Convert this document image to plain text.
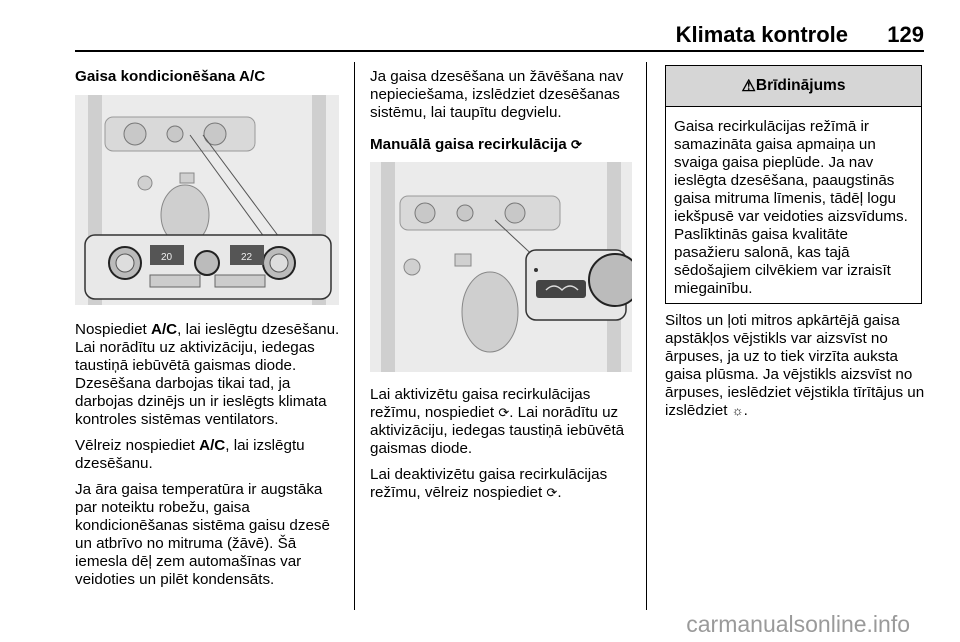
Klimata kontrole 129
Gaisa kondicionēšana A/C
20	22

Nospiediet A/C, lai ieslēgtu dzesēšanu. Lai norādītu uz aktivizāciju, iedegas taustiņā iebūvētā gaismas diode. Dzesēšana darbojas tikai tad, ja darbojas dzinējs un ir ieslēgts klimata kontroles sistēmas ventilators.

Vēlreiz nospiediet A/C, lai izslēgtu dzesēšanu.

Ja āra gaisa temperatūra ir augstāka par noteiktu robežu, gaisa kondicionēšanas sistēma gaisu dzesē un atbrīvo no mitruma (žāvē). Šā iemesla dēļ zem automašīnas var veidoties un pilēt kondensāts.

Ja gaisa dzesēšana un žāvēšana nav nepieciešama, izslēdziet dzesēšanas sistēmu, lai taupītu degvielu.

Manuālā gaisa recirkulācija ⟳

Lai aktivizētu gaisa recirkulācijas režīmu, nospiediet ⟳. Lai norādītu uz aktivizāciju, iedegas taustiņā iebūvētā gaismas diode.

Lai deaktivizētu gaisa recirkulācijas režīmu, vēlreiz nospiediet ⟳.

⚠ Brīdinājums
Gaisa recirkulācijas režīmā ir samazināta gaisa apmaiņa un svaiga gaisa pieplūde. Ja nav ieslēgta dzesēšana, paaugstinās gaisa mitruma līmenis, tādēļ logu iekšpusē var veidoties aizsvīdums. Paslīktinās gaisa kvalitāte pasažieru salonā, kas tajā sēdošajiem cilvēkiem var izraisīt miegainību.

Siltos un ļoti mitros apkārtējā gaisa apstākļos vējstikls var aizsvīst no ārpuses, ja uz to tiek virzīta auksta gaisa plūsma. Ja vējstikls aizsvīst no ārpuses, ieslēdziet vējstikla tīrītājus un izslēdziet ☼.

carmanualsonline.info
